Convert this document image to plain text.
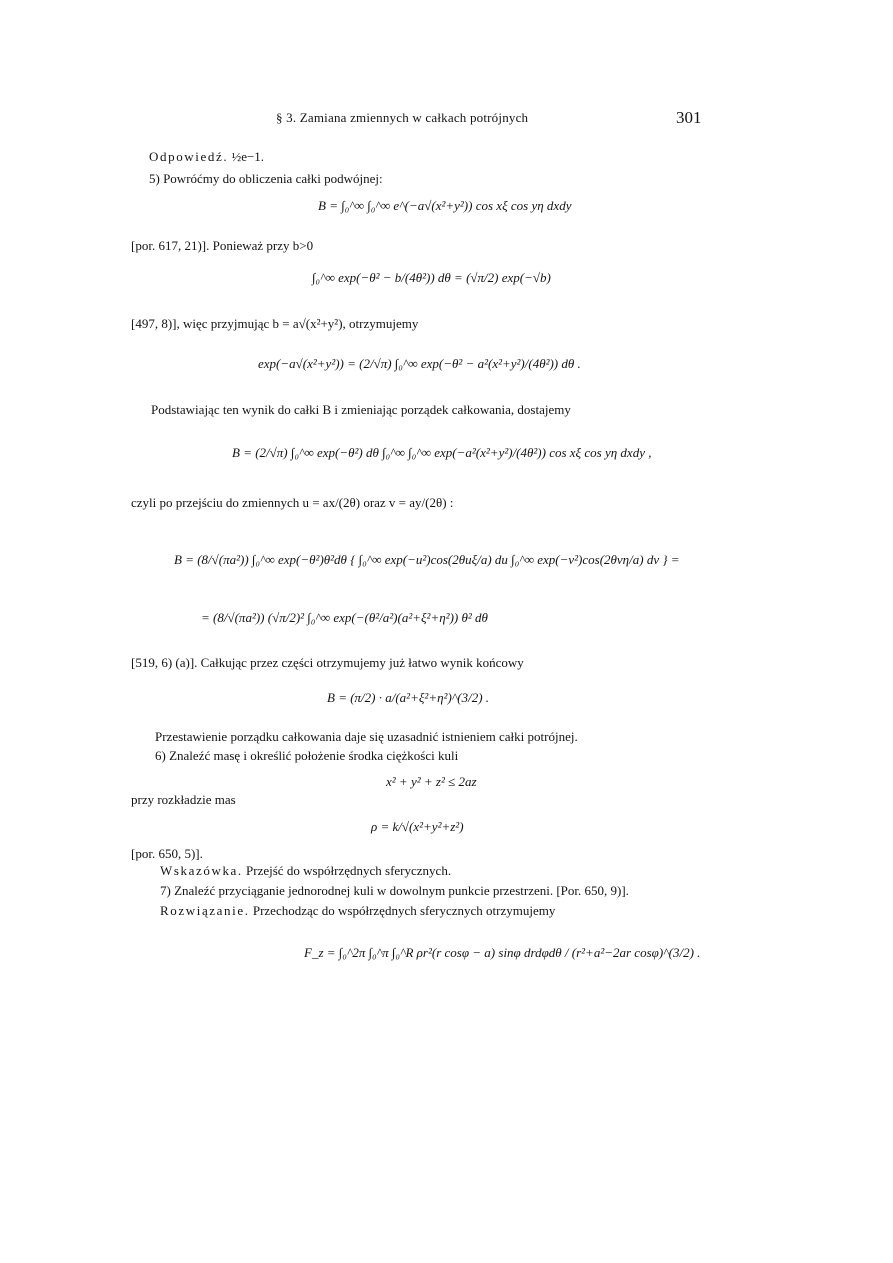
§ 3. Zamiana zmiennych w całkach potrójnych	301
Odpowiedź. ½e−1.
5) Powróćmy do obliczenia całki podwójnej:
B = ∫₀^∞ ∫₀^∞ e^(−a√(x²+y²)) cos xξ cos yη dxdy
[por. 617, 21)]. Ponieważ przy b>0
∫₀^∞ exp(−θ² − b/(4θ²)) dθ = (√π/2) exp(−√b)
[497, 8)], więc przyjmując b = a√(x²+y²), otrzymujemy
exp(−a√(x²+y²)) = (2/√π) ∫₀^∞ exp(−θ² − a²(x²+y²)/(4θ²)) dθ .
Podstawiając ten wynik do całki B i zmieniając porządek całkowania, dostajemy
B = (2/√π) ∫₀^∞ exp(−θ²) dθ ∫₀^∞ ∫₀^∞ exp(−a²(x²+y²)/(4θ²)) cos xξ cos yη dxdy ,
czyli po przejściu do zmiennych u = ax/(2θ) oraz v = ay/(2θ) :
B = (8/√(πa²)) ∫₀^∞ exp(−θ²)θ²dθ { ∫₀^∞ exp(−u²)cos(2θuξ/a) du ∫₀^∞ exp(−v²)cos(2θvη/a) dv } =
= (8/√(πa²)) (√π/2)² ∫₀^∞ exp(−(θ²/a²)(a²+ξ²+η²)) θ² dθ
[519, 6) (a)]. Całkując przez części otrzymujemy już łatwo wynik końcowy
B = (π/2) · a/(a²+ξ²+η²)^(3/2) .
Przestawienie porządku całkowania daje się uzasadnić istnieniem całki potrójnej.
6) Znaleźć masę i określić położenie środka ciężkości kuli
x² + y² + z² ≤ 2az
przy rozkładzie mas
ρ = k/√(x²+y²+z²)
[por. 650, 5)].
Wskazówka. Przejść do współrzędnych sferycznych.
7) Znaleźć przyciąganie jednorodnej kuli w dowolnym punkcie przestrzeni. [Por. 650, 9)].
Rozwiązanie. Przechodząc do współrzędnych sferycznych otrzymujemy
F_z = ∫₀^2π ∫₀^π ∫₀^R ρr²(r cosφ − a) sinφ drdφdθ / (r²+a²−2ar cosφ)^(3/2) .
